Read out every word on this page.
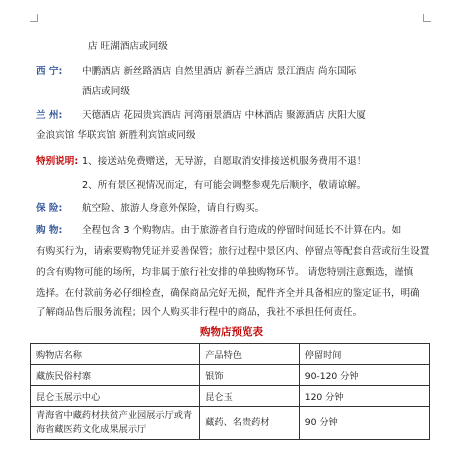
店 旺湖酒店或同级
西 宁: 中鹏酒店 新丝路酒店 自然里酒店 新春兰酒店 景江酒店 尚东国际
酒店或同级
兰 州: 天德酒店 花园贵宾酒店 河湾丽景酒店 中林酒店 聚源酒店 庆阳大厦
金浪宾馆 华联宾馆 新胜利宾馆或同级
特别说明: 1、接送站免费赠送，无导游，自愿取消安排接送机服务费用不退！
2、所有景区视情况而定，有可能会调整参观先后顺序，敬请谅解。
保 险: 航空险、旅游人身意外保险，请自行购买。
购 物: 全程包含 3 个购物店。由于旅游者自行造成的停留时间延长不计算在内。如
有购买行为，请索要购物凭证并妥善保管；旅行过程中景区内、停留点等配套自营或衍生设置
的含有购物可能的场所，均非属于旅行社安排的单独购物环节。 请您特别注意甄选，谨慎
选择。在付款前务必仔细检查，确保商品完好无损，配件齐全并具备相应的鉴定证书，明确
了解商品售后服务流程；因个人购买非行程中的商品，我社不承担任何责任。
购物店预览表
购物店名称	产品特色	停留时间
藏族民俗村寨	银饰	90-120 分钟
昆仑玉展示中心	昆仑玉	120 分钟
青海省中藏药材扶贫产业园展示厅或青海省藏医药文化成果展示厅	藏药、名贵药材	90 分钟
